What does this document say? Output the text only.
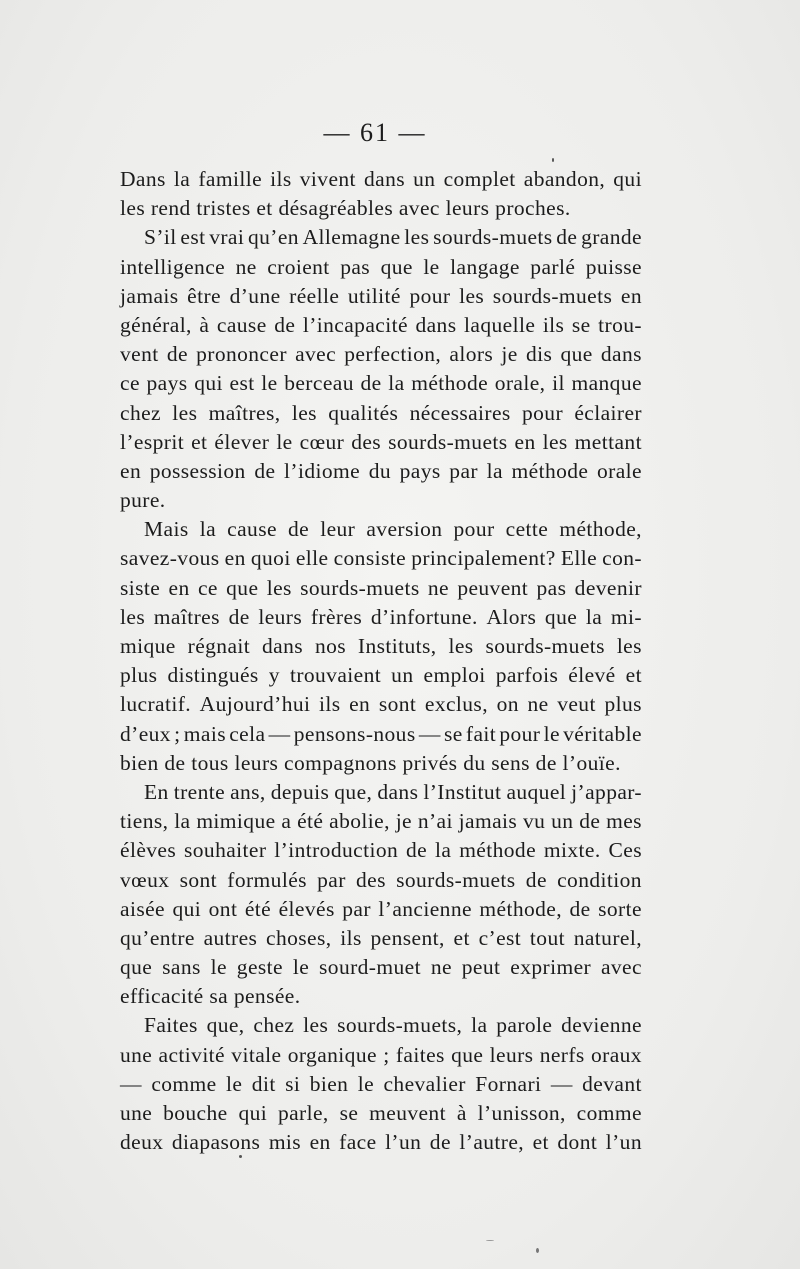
— 61 —
Dans la famille ils vivent dans un complet abandon, qui
les rend tristes et désagréables avec leurs proches.
S’il est vrai qu’en Allemagne les sourds-muets de grande
intelligence ne croient pas que le langage parlé puisse
jamais être d’une réelle utilité pour les sourds-muets en
général, à cause de l’incapacité dans laquelle ils se trou-
vent de prononcer avec perfection, alors je dis que dans
ce pays qui est le berceau de la méthode orale, il manque
chez les maîtres, les qualités nécessaires pour éclairer
l’esprit et élever le cœur des sourds-muets en les mettant
en possession de l’idiome du pays par la méthode orale
pure.
Mais la cause de leur aversion pour cette méthode,
savez-vous en quoi elle consiste principalement? Elle con-
siste en ce que les sourds-muets ne peuvent pas devenir
les maîtres de leurs frères d’infortune. Alors que la mi-
mique régnait dans nos Instituts, les sourds-muets les
plus distingués y trouvaient un emploi parfois élevé et
lucratif. Aujourd’hui ils en sont exclus, on ne veut plus
d’eux ; mais cela — pensons-nous — se fait pour le véritable
bien de tous leurs compagnons privés du sens de l’ouïe.
En trente ans, depuis que, dans l’Institut auquel j’appar-
tiens, la mimique a été abolie, je n’ai jamais vu un de mes
élèves souhaiter l’introduction de la méthode mixte. Ces
vœux sont formulés par des sourds-muets de condition
aisée qui ont été élevés par l’ancienne méthode, de sorte
qu’entre autres choses, ils pensent, et c’est tout naturel,
que sans le geste le sourd-muet ne peut exprimer avec
efficacité sa pensée.
Faites que, chez les sourds-muets, la parole devienne
une activité vitale organique ; faites que leurs nerfs oraux
— comme le dit si bien le chevalier Fornari — devant
une bouche qui parle, se meuvent à l’unisson, comme
deux diapasons mis en face l’un de l’autre, et dont l’un
